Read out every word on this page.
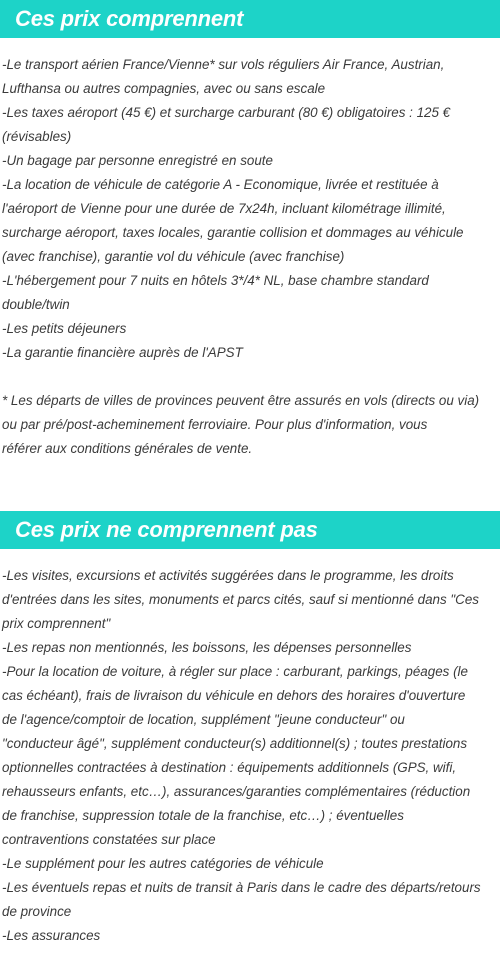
Ces prix comprennent
-Le transport aérien France/Vienne* sur vols réguliers Air France, Austrian,
Lufthansa ou autres compagnies, avec ou sans escale
-Les taxes aéroport (45 €) et surcharge carburant (80 €) obligatoires : 125 €
(révisables)
-Un bagage par personne enregistré en soute
-La location de véhicule de catégorie A - Economique, livrée et restituée à
l'aéroport de Vienne pour une durée de 7x24h, incluant kilométrage illimité,
surcharge aéroport, taxes locales, garantie collision et dommages au véhicule
(avec franchise), garantie vol du véhicule (avec franchise)
-L'hébergement pour 7 nuits en hôtels 3*/4* NL, base chambre standard
double/twin
-Les petits déjeuners
-La garantie financière auprès de l'APST
* Les départs de villes de provinces peuvent être assurés en vols (directs ou via)
ou par pré/post-acheminement ferroviaire. Pour plus d'information, vous
référer aux conditions générales de vente.
Ces prix ne comprennent pas
-Les visites, excursions et activités suggérées dans le programme, les droits
d'entrées dans les sites, monuments et parcs cités, sauf si mentionné dans "Ces
prix comprennent"
-Les repas non mentionnés, les boissons, les dépenses personnelles
-Pour la location de voiture, à régler sur place : carburant, parkings, péages (le
cas échéant), frais de livraison du véhicule en dehors des horaires d'ouverture
de l'agence/comptoir de location, supplément "jeune conducteur" ou
"conducteur âgé", supplément conducteur(s) additionnel(s) ; toutes prestations
optionnelles contractées à destination : équipements additionnels (GPS, wifi,
rehausseurs enfants, etc…), assurances/garanties complémentaires (réduction
de franchise, suppression totale de la franchise, etc…) ; éventuelles
contraventions constatées sur place
-Le supplément pour les autres catégories de véhicule
-Les éventuels repas et nuits de transit à Paris dans le cadre des départs/retours
de province
-Les assurances
